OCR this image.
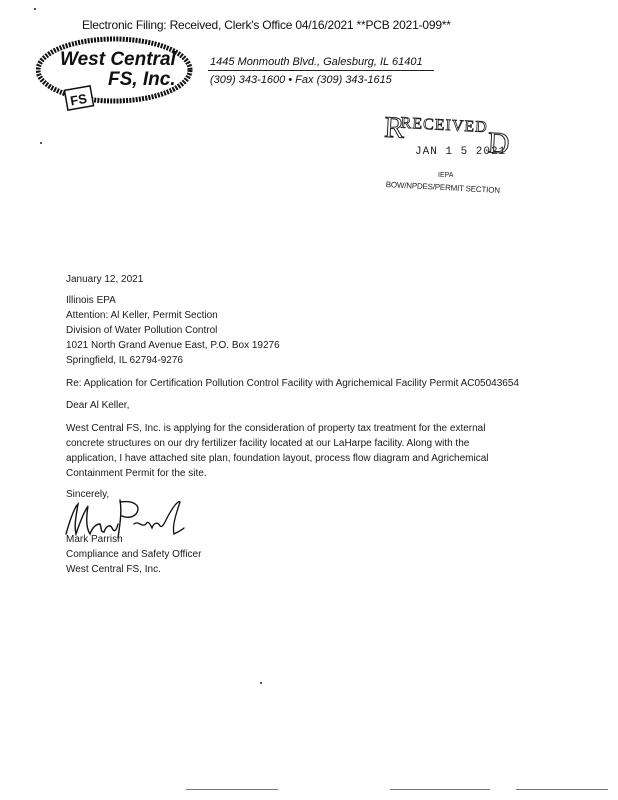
Electronic Filing: Received, Clerk's Office 04/16/2021 **PCB 2021-099**
West Central
FS, Inc.
FS
1445 Monmouth Blvd., Galesburg, IL 61401
(309) 343-1600 • Fax (309) 343-1615
R
RECEIVED
D
JAN 1 5 2021
IEPA
BOW/NPDES/PERMIT SECTION
January 12, 2021

Illinois EPA

Attention: Al Keller, Permit Section

Division of Water Pollution Control

1021 North Grand Avenue East, P.O. Box 19276

Springfield, IL 62794-9276

Re: Application for Certification Pollution Control Facility with Agrichemical Facility Permit AC05043654
Dear Al Keller,

West Central FS, Inc. is applying for the consideration of property tax treatment for the external

concrete structures on our dry fertilizer facility located at our LaHarpe facility. Along with the

application, I have attached site plan, foundation layout, process flow diagram and Agrichemical

Containment Permit for the site.

Sincerely,

Mark Parrish

Compliance and Safety Officer

West Central FS, Inc.
